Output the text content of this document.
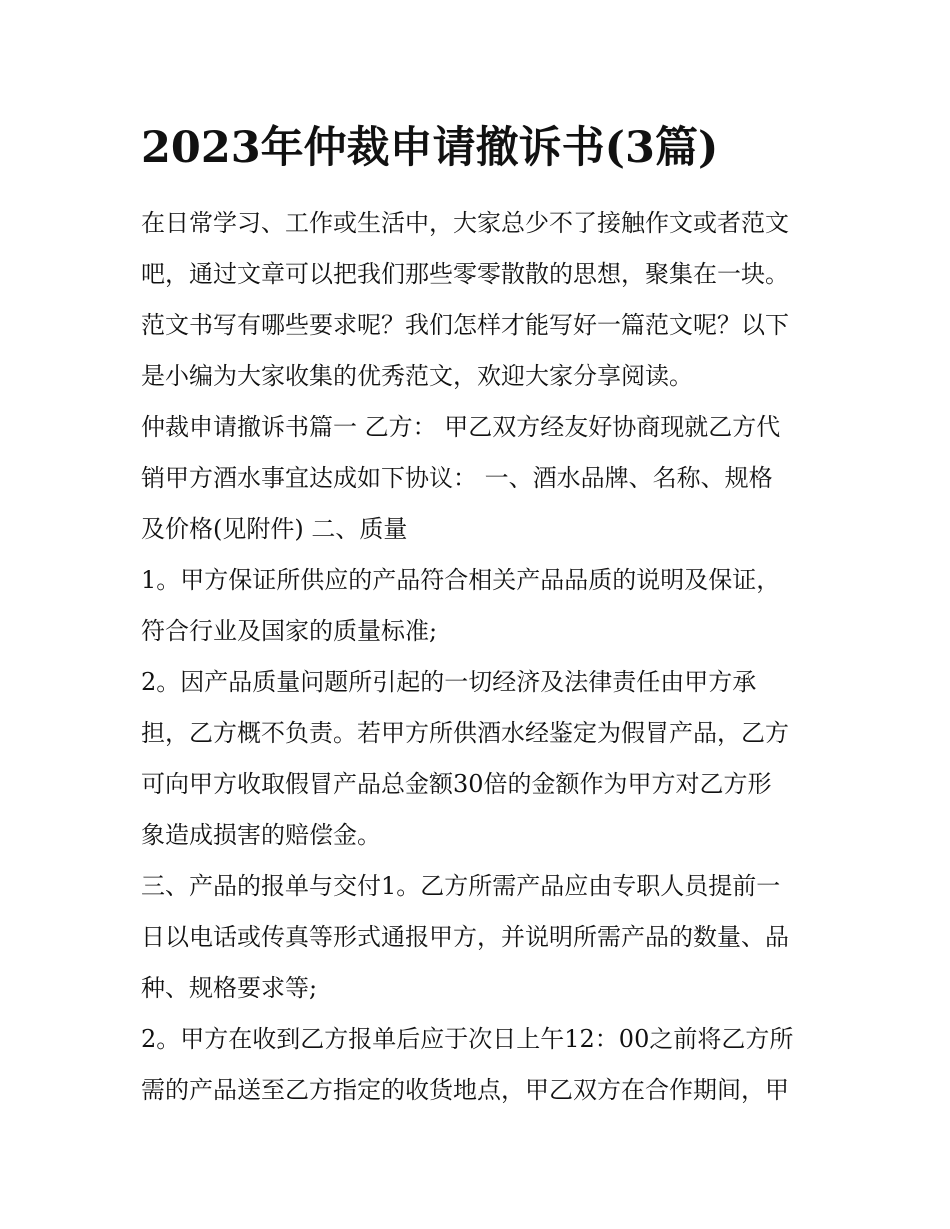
2023年仲裁申请撤诉书(3篇)

在日常学习、工作或生活中，大家总少不了接触作文或者范文
吧，通过文章可以把我们那些零零散散的思想，聚集在一块。
范文书写有哪些要求呢？我们怎样才能写好一篇范文呢？以下
是小编为大家收集的优秀范文，欢迎大家分享阅读。

仲裁申请撤诉书篇一 乙方： 甲乙双方经友好协商现就乙方代
销甲方酒水事宜达成如下协议： 一、酒水品牌、名称、规格
及价格(见附件) 二、质量

1。甲方保证所供应的产品符合相关产品品质的说明及保证，
符合行业及国家的质量标准;

2。因产品质量问题所引起的一切经济及法律责任由甲方承
担，乙方概不负责。若甲方所供酒水经鉴定为假冒产品，乙方
可向甲方收取假冒产品总金额30倍的金额作为甲方对乙方形
象造成损害的赔偿金。

三、产品的报单与交付1。乙方所需产品应由专职人员提前一
日以电话或传真等形式通报甲方，并说明所需产品的数量、品
种、规格要求等;

2。甲方在收到乙方报单后应于次日上午12：00之前将乙方所
需的产品送至乙方指定的收货地点，甲乙双方在合作期间，甲
